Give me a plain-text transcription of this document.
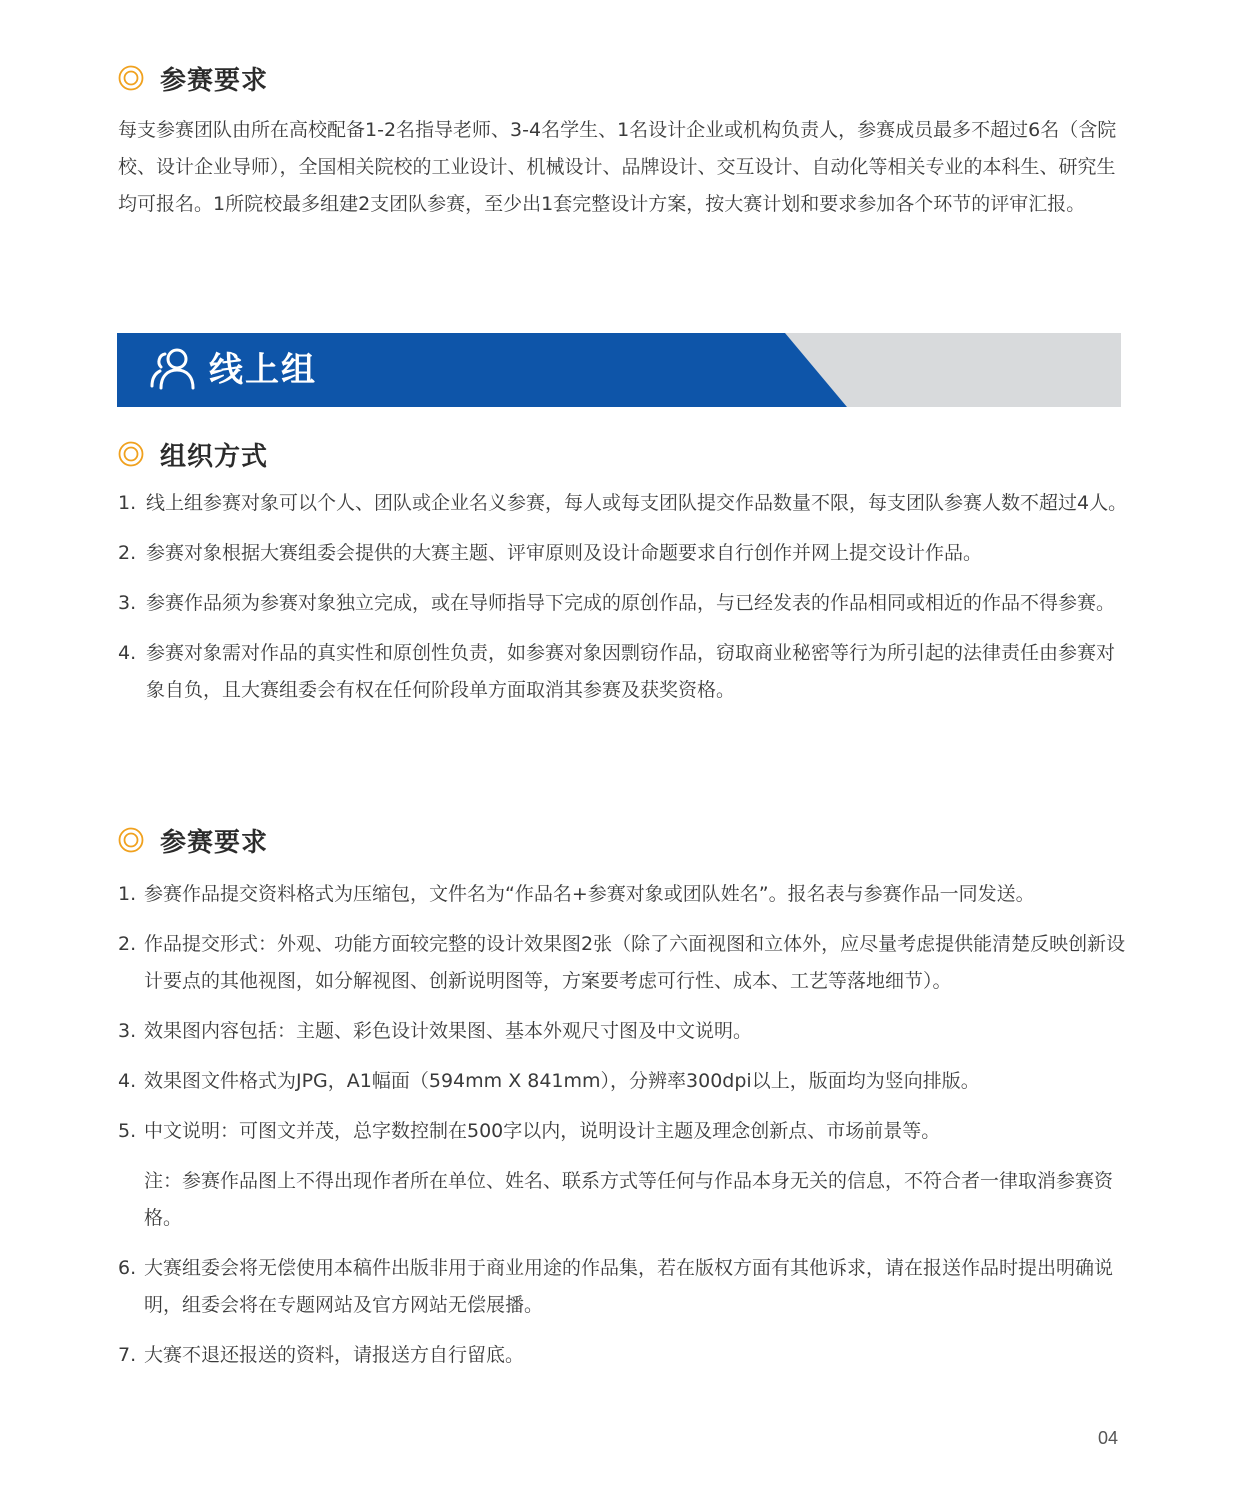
参赛要求

每支参赛团队由所在高校配备1-2名指导老师、3-4名学生、1名设计企业或机构负责人，参赛成员最多不超过6名（含院校、设计企业导师），全国相关院校的工业设计、机械设计、品牌设计、交互设计、自动化等相关专业的本科生、研究生均可报名。1所院校最多组建2支团队参赛，至少出1套完整设计方案，按大赛计划和要求参加各个环节的评审汇报。

线上组
组织方式
1. 线上组参赛对象可以个人、团队或企业名义参赛，每人或每支团队提交作品数量不限，每支团队参赛人数不超过4人。
2. 参赛对象根据大赛组委会提供的大赛主题、评审原则及设计命题要求自行创作并网上提交设计作品。
3. 参赛作品须为参赛对象独立完成，或在导师指导下完成的原创作品，与已经发表的作品相同或相近的作品不得参赛。
4. 参赛对象需对作品的真实性和原创性负责，如参赛对象因剽窃作品，窃取商业秘密等行为所引起的法律责任由参赛对象自负，且大赛组委会有权在任何阶段单方面取消其参赛及获奖资格。
参赛要求
1. 参赛作品提交资料格式为压缩包，文件名为“作品名+参赛对象或团队姓名”。报名表与参赛作品一同发送。
2. 作品提交形式：外观、功能方面较完整的设计效果图2张（除了六面视图和立体外，应尽量考虑提供能清楚反映创新设计要点的其他视图，如分解视图、创新说明图等，方案要考虑可行性、成本、工艺等落地细节）。
3. 效果图内容包括：主题、彩色设计效果图、基本外观尺寸图及中文说明。
4. 效果图文件格式为JPG，A1幅面（594mm X 841mm），分辨率300dpi以上，版面均为竖向排版。
5. 中文说明：可图文并茂，总字数控制在500字以内，说明设计主题及理念创新点、市场前景等。
注：参赛作品图上不得出现作者所在单位、姓名、联系方式等任何与作品本身无关的信息，不符合者一律取消参赛资格。
6. 大赛组委会将无偿使用本稿件出版非用于商业用途的作品集，若在版权方面有其他诉求，请在报送作品时提出明确说明，组委会将在专题网站及官方网站无偿展播。
7. 大赛不退还报送的资料，请报送方自行留底。
04
